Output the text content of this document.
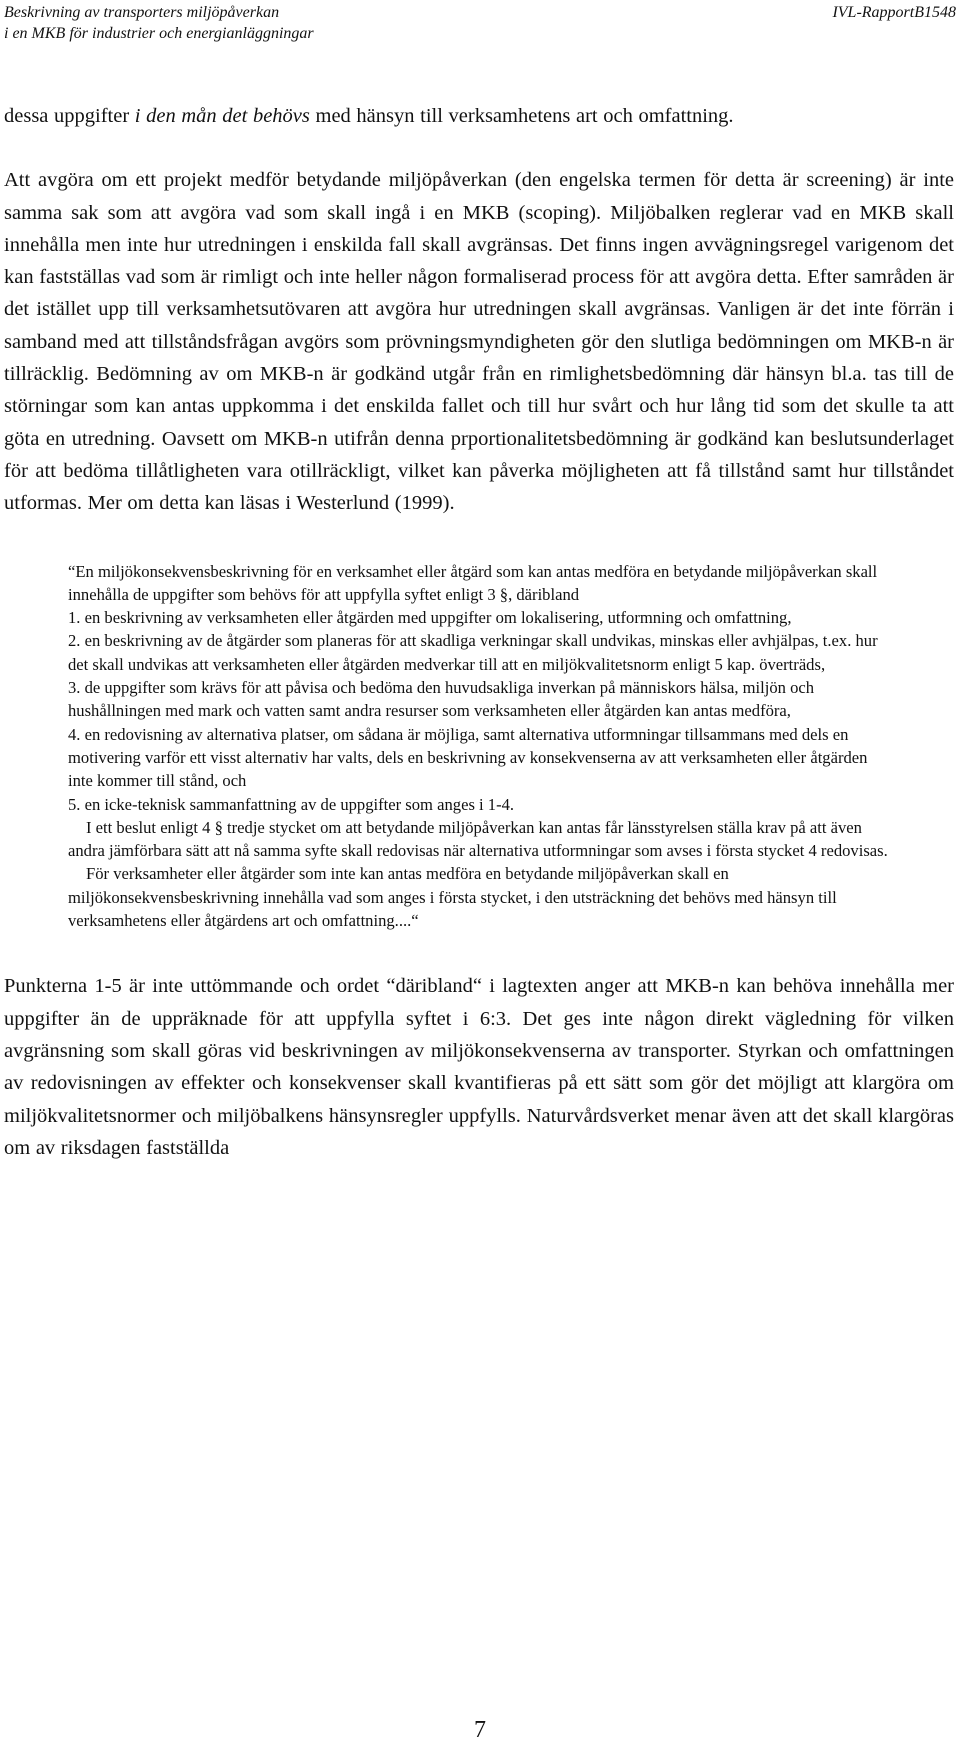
Beskrivning av transporters miljöpåverkan
i en MKB för industrier och energianläggningar
IVL-RapportB1548

dessa uppgifter i den mån det behövs med hänsyn till verksamhetens art och omfattning.

Att avgöra om ett projekt medför betydande miljöpåverkan (den engelska termen för detta är screening) är inte samma sak som att avgöra vad som skall ingå i en MKB (scoping). Miljöbalken reglerar vad en MKB skall innehålla men inte hur utredningen i enskilda fall skall avgränsas. Det finns ingen avvägningsregel varigenom det kan fastställas vad som är rimligt och inte heller någon formaliserad process för att avgöra detta. Efter samråden är det istället upp till verksamhetsutövaren att avgöra hur utredningen skall avgränsas. Vanligen är det inte förrän i samband med att tillståndsfrågan avgörs som prövningsmyndigheten gör den slutliga bedömningen om MKB-n är tillräcklig. Bedömning av om MKB-n är godkänd utgår från en rimlighetsbedömning där hänsyn bl.a. tas till de störningar som kan antas uppkomma i det enskilda fallet och till hur svårt och hur lång tid som det skulle ta att göta en utredning. Oavsett om MKB-n utifrån denna prportionalitetsbedömning är godkänd kan beslutsunderlaget för att bedöma tillåtligheten vara otillräckligt, vilket kan påverka möjligheten att få tillstånd samt hur tillståndet utformas. Mer om detta kan läsas i Westerlund (1999).

“En miljökonsekvensbeskrivning för en verksamhet eller åtgärd som kan antas medföra en betydande miljöpåverkan skall innehålla de uppgifter som behövs för att uppfylla syftet enligt 3 §, däribland

1. en beskrivning av verksamheten eller åtgärden med uppgifter om lokalisering, utformning och omfattning,

2. en beskrivning av de åtgärder som planeras för att skadliga verkningar skall undvikas, minskas eller avhjälpas, t.ex. hur det skall undvikas att verksamheten eller åtgärden medverkar till att en miljökvalitetsnorm enligt 5 kap. överträds,

3. de uppgifter som krävs för att påvisa och bedöma den huvudsakliga inverkan på människors hälsa, miljön och hushållningen med mark och vatten samt andra resurser som verksamheten eller åtgärden kan antas medföra,

4. en redovisning av alternativa platser, om sådana är möjliga, samt alternativa utformningar tillsammans med dels en motivering varför ett visst alternativ har valts, dels en beskrivning av konsekvenserna av att verksamheten eller åtgärden inte kommer till stånd, och

5. en icke-teknisk sammanfattning av de uppgifter som anges i 1-4.

I ett beslut enligt 4 § tredje stycket om att betydande miljöpåverkan kan antas får länsstyrelsen ställa krav på att även andra jämförbara sätt att nå samma syfte skall redovisas när alternativa utformningar som avses i första stycket 4 redovisas.

För verksamheter eller åtgärder som inte kan antas medföra en betydande miljöpåverkan skall en miljökonsekvensbeskrivning innehålla vad som anges i första stycket, i den utsträckning det behövs med hänsyn till verksamhetens eller åtgärdens art och omfattning....“

Punkterna 1-5 är inte uttömmande och ordet “däribland“ i lagtexten anger att MKB-n kan behöva innehålla mer uppgifter än de uppräknade för att uppfylla syftet i 6:3. Det ges inte någon direkt vägledning för vilken avgränsning som skall göras vid beskrivningen av miljökonsekvenserna av transporter. Styrkan och omfattningen av redovisningen av effekter och konsekvenser skall kvantifieras på ett sätt som gör det möjligt att klargöra om miljökvalitetsnormer och miljöbalkens hänsynsregler uppfylls. Naturvårdsverket menar även att det skall klargöras om av riksdagen fastställda

7
